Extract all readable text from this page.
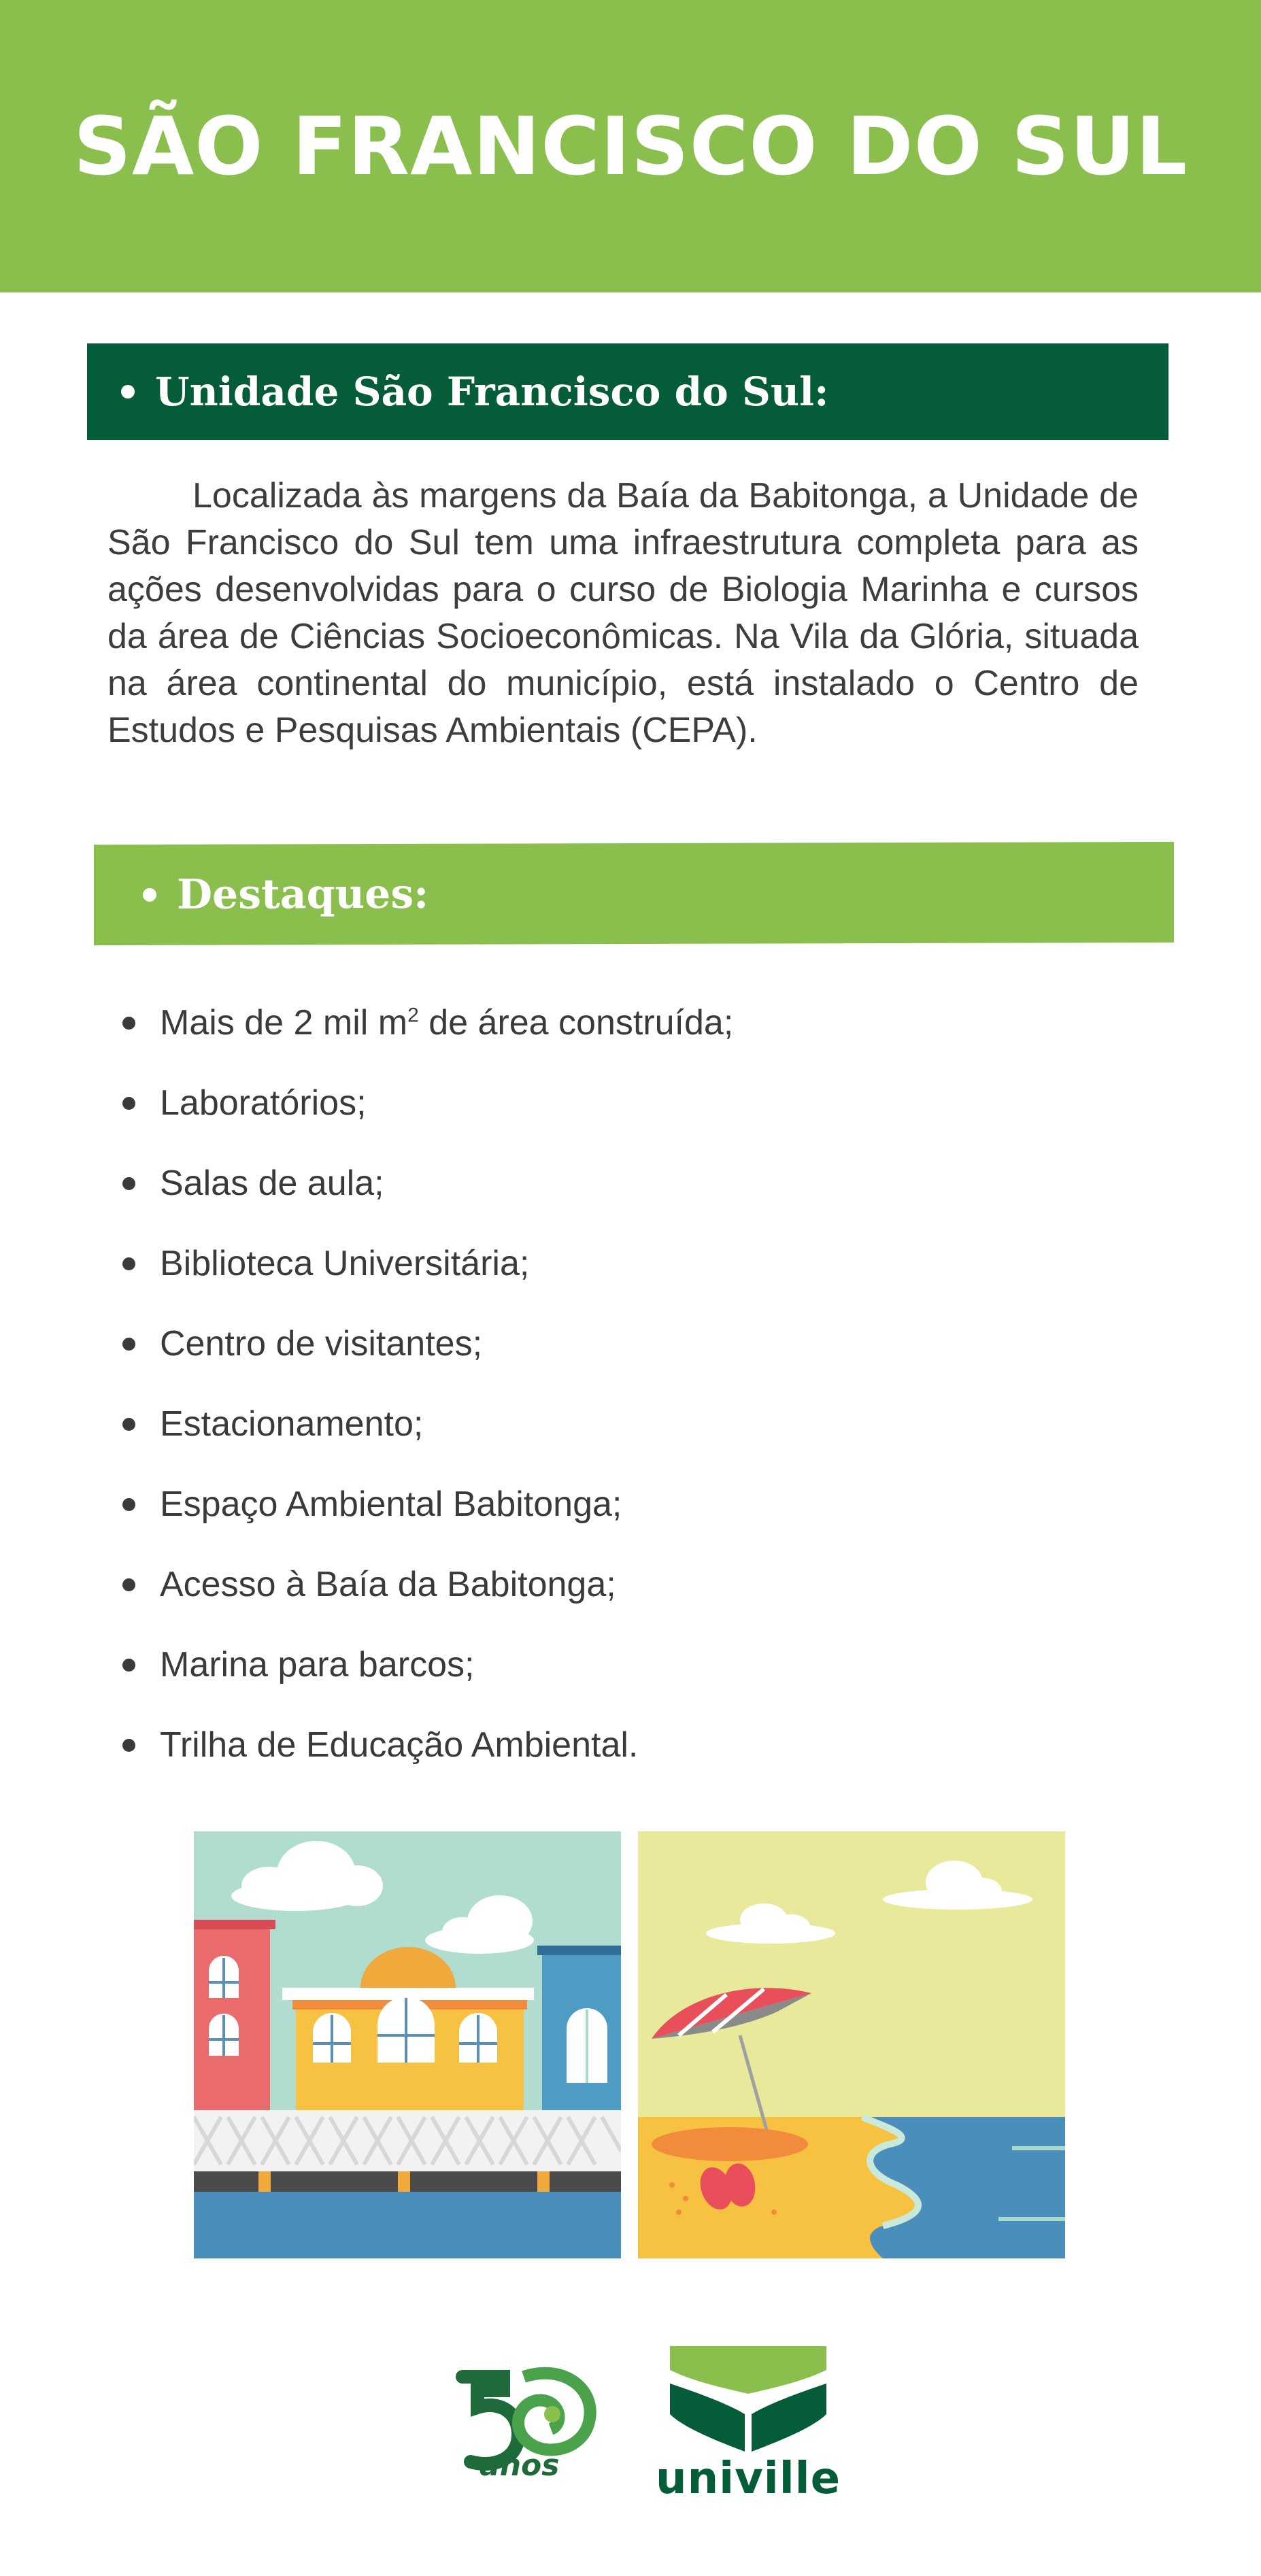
SÃO FRANCISCO DO SUL
Unidade São Francisco do Sul:

Localizada às margens da Baía da Babitonga, a Unidade de São Francisco do Sul tem uma infraestrutura completa para as ações desenvolvidas para o curso de Biologia Marinha e cursos da área de Ciências Socioeconômicas. Na Vila da Glória, situada na área continental do município, está instalado o Centro de Estudos e Pesquisas Ambientais (CEPA).

Destaques:
Mais de 2 mil $m^2$ de área construída;
Laboratórios;
Salas de aula;
Biblioteca Universitária;
Centro de visitantes;
Estacionamento;
Espaço Ambiental Babitonga;
Acesso à Baía da Babitonga;
Marina para barcos;
Trilha de Educação Ambiental.
anos	univille
